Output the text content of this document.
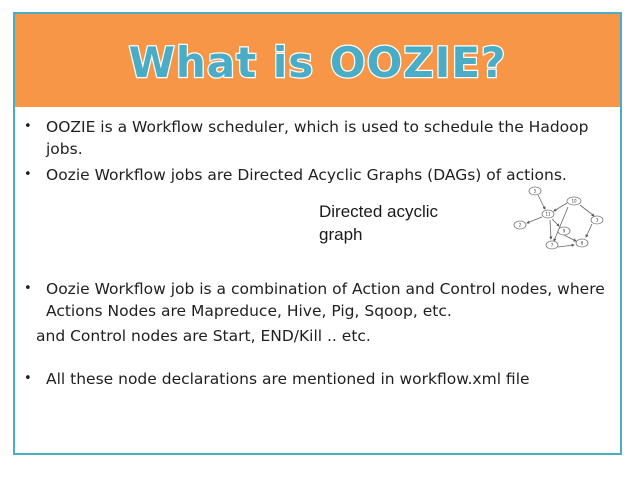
What is OOZIE?
• OOZIE is a Workflow scheduler, which is used to schedule the Hadoop jobs.
• Oozie Workflow jobs are Directed Acyclic Graphs (DAGs) of actions.
• Oozie Workflow job is a combination of Action and Control nodes, where Actions Nodes are Mapreduce, Hive, Pig, Sqoop, etc.
and Control nodes are Start, END/Kill .. etc.
• All these node declarations are mentioned in workflow.xml file
Directed acyclic
graph
5
10
11
3
2
9
7	8
